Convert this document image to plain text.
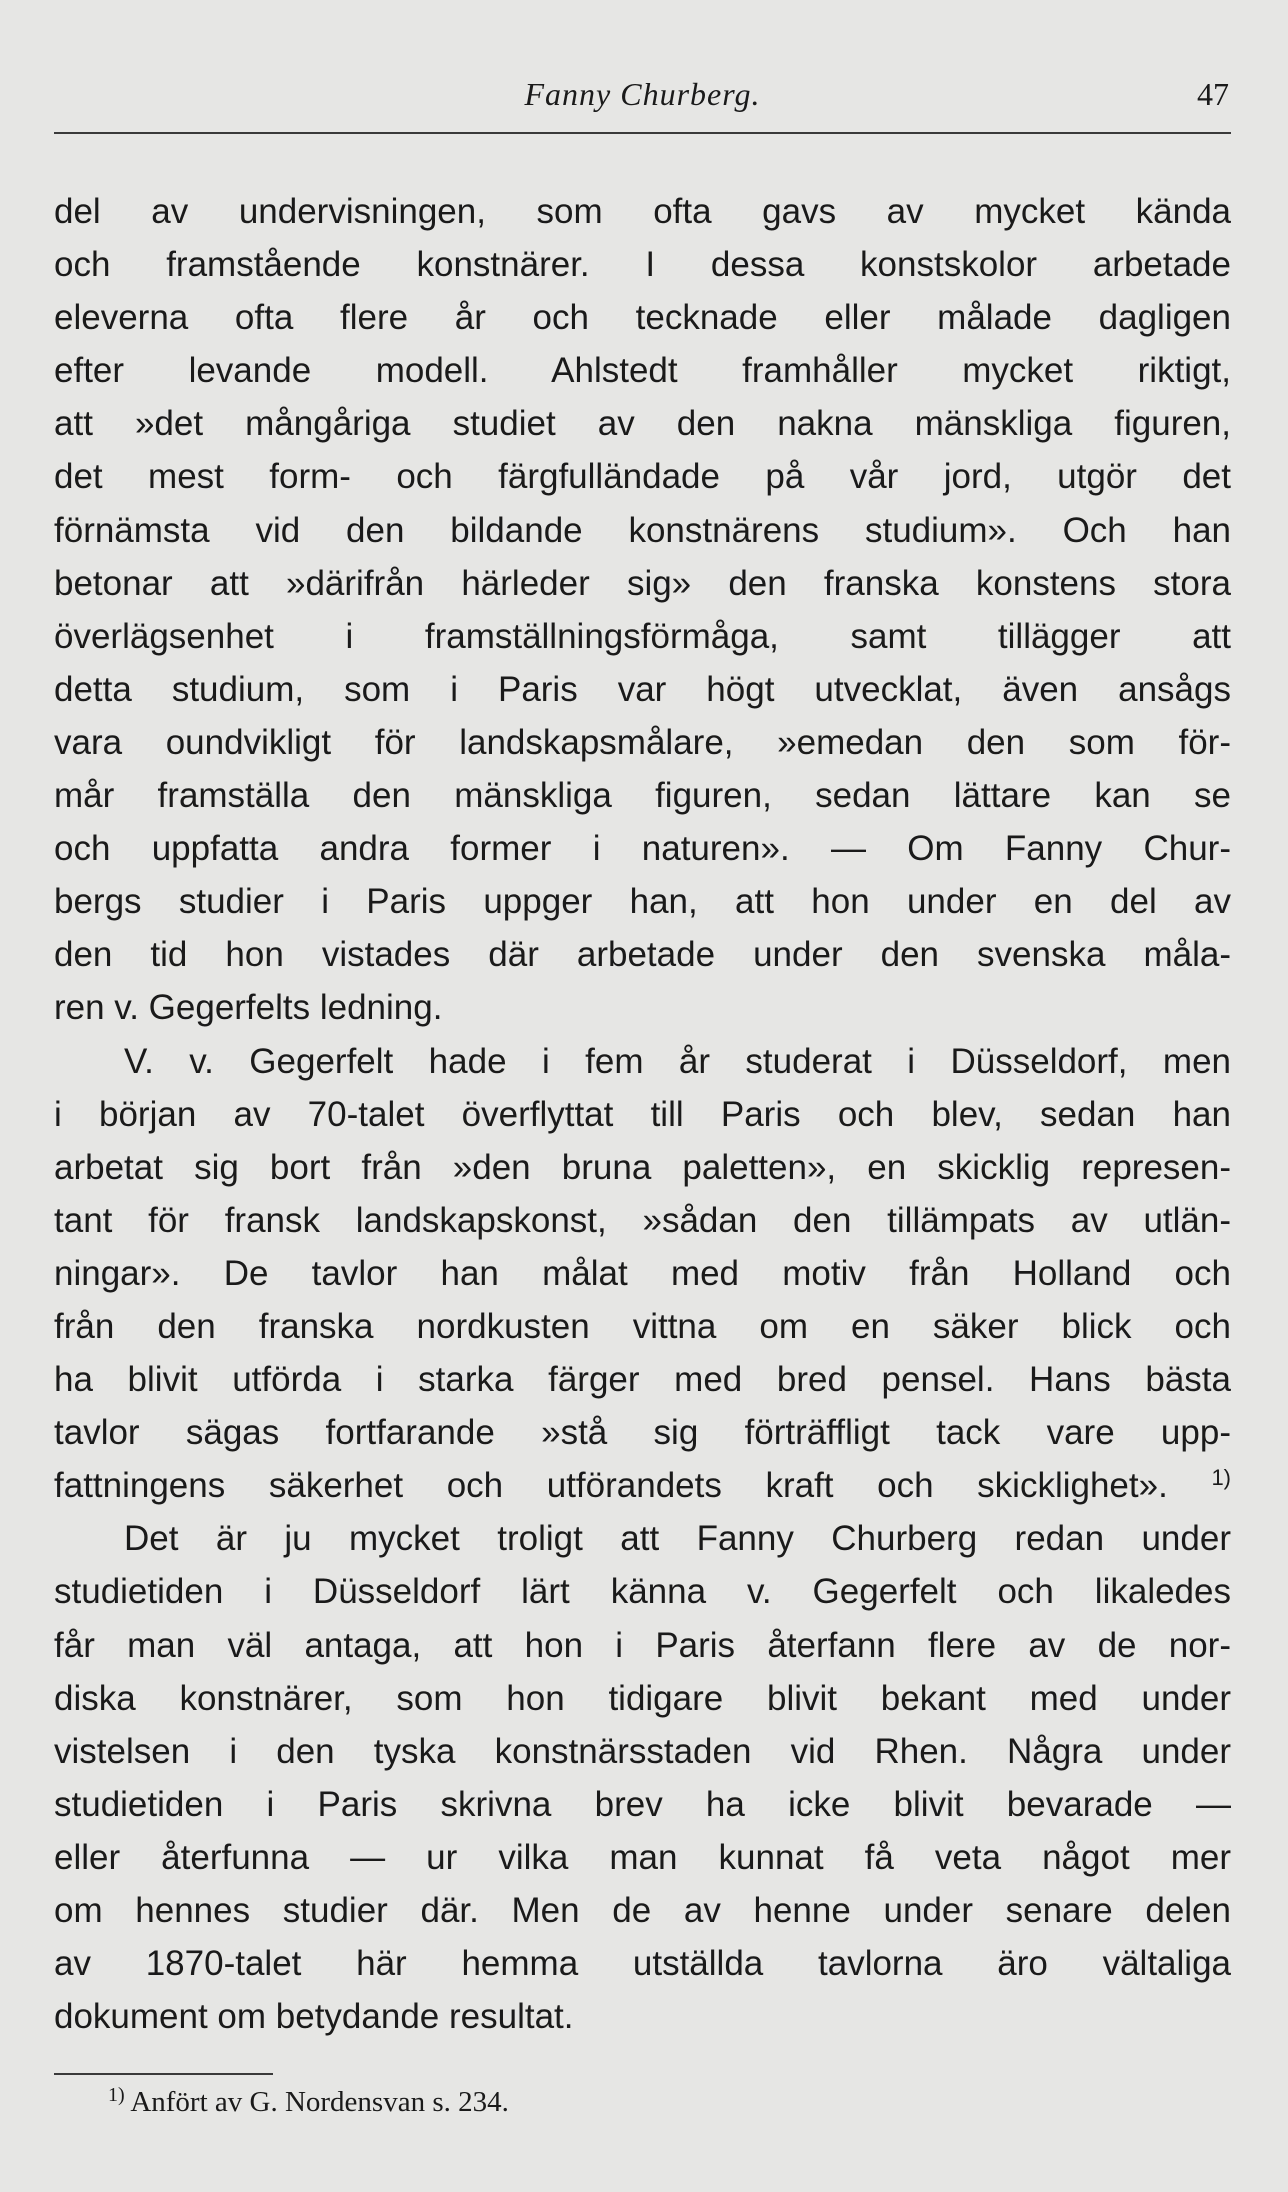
Fanny Churberg.	47
del av undervisningen, som ofta gavs av mycket kända
och framstående konstnärer. I dessa konstskolor arbetade
eleverna ofta flere år och tecknade eller målade dagligen
efter levande modell. Ahlstedt framhåller mycket riktigt,
att »det mångåriga studiet av den nakna mänskliga figuren,
det mest form- och färgfulländade på vår jord, utgör det
förnämsta vid den bildande konstnärens studium». Och han
betonar att »därifrån härleder sig» den franska konstens stora
överlägsenhet i framställningsförmåga, samt tillägger att
detta studium, som i Paris var högt utvecklat, även ansågs
vara oundvikligt för landskapsmålare, »emedan den som för-
mår framställa den mänskliga figuren, sedan lättare kan se
och uppfatta andra former i naturen». — Om Fanny Chur-
bergs studier i Paris uppger han, att hon under en del av
den tid hon vistades där arbetade under den svenska måla-
ren v. Gegerfelts ledning.
V. v. Gegerfelt hade i fem år studerat i Düsseldorf, men
i början av 70-talet överflyttat till Paris och blev, sedan han
arbetat sig bort från »den bruna paletten», en skicklig represen-
tant för fransk landskapskonst, »sådan den tillämpats av utlän-
ningar». De tavlor han målat med motiv från Holland och
från den franska nordkusten vittna om en säker blick och
ha blivit utförda i starka färger med bred pensel. Hans bästa
tavlor sägas fortfarande »stå sig förträffligt tack vare upp-
fattningens säkerhet och utförandets kraft och skicklighet». $^{1)}$
Det är ju mycket troligt att Fanny Churberg redan under
studietiden i Düsseldorf lärt känna v. Gegerfelt och likaledes
får man väl antaga, att hon i Paris återfann flere av de nor-
diska konstnärer, som hon tidigare blivit bekant med under
vistelsen i den tyska konstnärsstaden vid Rhen. Några under
studietiden i Paris skrivna brev ha icke blivit bevarade —
eller återfunna — ur vilka man kunnat få veta något mer
om hennes studier där. Men de av henne under senare delen
av 1870-talet här hemma utställda tavlorna äro vältaliga
dokument om betydande resultat.
$^{1)}$ Anfört av G. Nordensvan s. 234.
